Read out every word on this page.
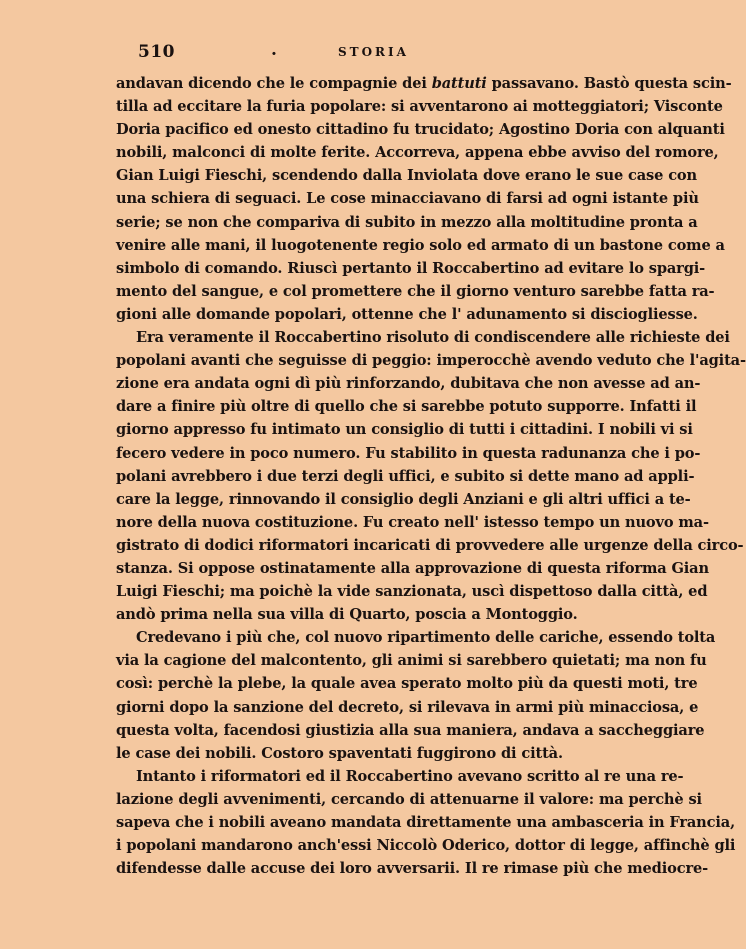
510	.	STORIA
andavan dicendo che le compagnie dei battuti passavano. Bastò questa scin-
tilla ad eccitare la furia popolare: si avventarono ai motteggiatori; Visconte
Doria pacifico ed onesto cittadino fu trucidato; Agostino Doria con alquanti
nobili, malconci di molte ferite. Accorreva, appena ebbe avviso del romore,
Gian Luigi Fieschi, scendendo dalla Inviolata dove erano le sue case con
una schiera di seguaci. Le cose minacciavano di farsi ad ogni istante più
serie; se non che compariva di subito in mezzo alla moltitudine pronta a
venire alle mani, il luogotenente regio solo ed armato di un bastone come a
simbolo di comando. Riuscì pertanto il Roccabertino ad evitare lo spargi-
mento del sangue, e col promettere che il giorno venturo sarebbe fatta ra-
gioni alle domande popolari, ottenne che l' adunamento si disciogliesse.
Era veramente il Roccabertino risoluto di condiscendere alle richieste dei
popolani avanti che seguisse di peggio: imperocchè avendo veduto che l'agita-
zione era andata ogni dì più rinforzando, dubitava che non avesse ad an-
dare a finire più oltre di quello che si sarebbe potuto supporre. Infatti il
giorno appresso fu intimato un consiglio di tutti i cittadini. I nobili vi si
fecero vedere in poco numero. Fu stabilito in questa radunanza che i po-
polani avrebbero i due terzi degli uffici, e subito si dette mano ad appli-
care la legge, rinnovando il consiglio degli Anziani e gli altri uffici a te-
nore della nuova costituzione. Fu creato nell' istesso tempo un nuovo ma-
gistrato di dodici riformatori incaricati di provvedere alle urgenze della circo-
stanza. Si oppose ostinatamente alla approvazione di questa riforma Gian
Luigi Fieschi; ma poichè la vide sanzionata, uscì dispettoso dalla città, ed
andò prima nella sua villa di Quarto, poscia a Montoggio.
Credevano i più che, col nuovo ripartimento delle cariche, essendo tolta
via la cagione del malcontento, gli animi si sarebbero quietati; ma non fu
così: perchè la plebe, la quale avea sperato molto più da questi moti, tre
giorni dopo la sanzione del decreto, si rilevava in armi più minacciosa, e
questa volta, facendosi giustizia alla sua maniera, andava a saccheggiare
le case dei nobili. Costoro spaventati fuggirono di città.
Intanto i riformatori ed il Roccabertino avevano scritto al re una re-
lazione degli avvenimenti, cercando di attenuarne il valore: ma perchè si
sapeva che i nobili aveano mandata direttamente una ambasceria in Francia,
i popolani mandarono anch'essi Niccolò Oderico, dottor di legge, affinchè gli
difendesse dalle accuse dei loro avversarii. Il re rimase più che mediocre-
